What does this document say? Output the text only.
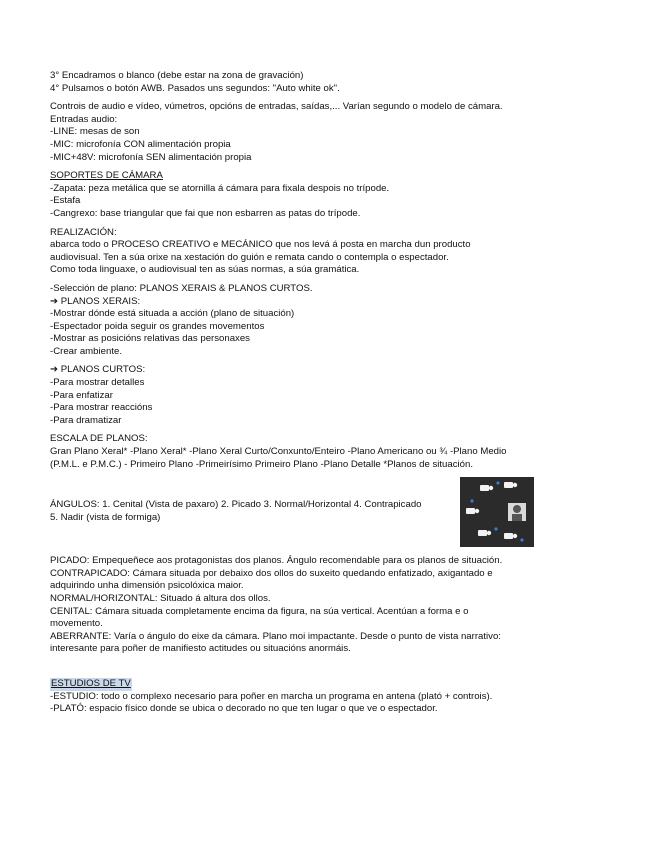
3° Encadramos o blanco (debe estar na zona de gravación)
4° Pulsamos o botón AWB. Pasados uns segundos: "Auto white ok".
Controis de audio e vídeo, vúmetros, opcións de entradas, saídas,... Varían segundo o modelo de cámara.
Entradas audio:
-LINE: mesas de son
-MIC: microfonía CON alimentación propia
-MIC+48V: microfonía SEN alimentación propia
SOPORTES DE CÁMARA
-Zapata: peza metálica que se atornilla á cámara para fixala despois no trípode.
-Estafa
-Cangrexo: base triangular que fai que non esbarren as patas do trípode.
REALIZACIÓN:
abarca todo o PROCESO CREATIVO e MECÁNICO que nos levá á posta en marcha dun producto
audiovisual. Ten a súa orixe na xestación do guión e remata cando o contempla o espectador.
Como toda linguaxe, o audiovisual ten as súas normas, a súa gramática.
-Selección de plano: PLANOS XERAIS & PLANOS CURTOS.
➔ PLANOS XERAIS:
-Mostrar dónde está situada a acción (plano de situación)
-Espectador poida seguir os grandes movementos
-Mostrar as posicións relativas das personaxes
-Crear ambiente.
➔ PLANOS CURTOS:
-Para mostrar detalles
-Para enfatizar
-Para mostrar reaccións
-Para dramatizar
ESCALA DE PLANOS:
Gran Plano Xeral* -Plano Xeral* -Plano Xeral Curto/Conxunto/Enteiro -Plano Americano ou ¾ -Plano Medio
(P.M.L. e P.M.C.) - Primeiro Plano -Primeirísimo Primeiro Plano -Plano Detalle *Planos de situación.
ÁNGULOS: 1. Cenital (Vista de paxaro) 2. Picado 3. Normal/Horizontal 4. Contrapicado
5. Nadir (vista de formiga)
PICADO: Empequeñece aos protagonistas dos planos. Ángulo recomendable para os planos de situación.
CONTRAPICADO: Cámara situada por debaixo dos ollos do suxeito quedando enfatizado, axigantado e
adquirindo unha dimensión psicolóxica maior.
NORMAL/HORIZONTAL: Situado á altura dos ollos.
CENITAL: Cámara situada completamente encima da figura, na súa vertical. Acentúan a forma e o
movemento.
ABERRANTE: Varía o ángulo do eixe da cámara. Plano moi impactante. Desde o punto de vista narrativo:
interesante para poñer de manifiesto actitudes ou situacións anormáis.
ESTUDIOS DE TV
-ESTUDIO: todo o complexo necesario para poñer en marcha un programa en antena (plató + controis).
-PLATÓ: espacio físico donde se ubica o decorado no que ten lugar o que ve o espectador.
